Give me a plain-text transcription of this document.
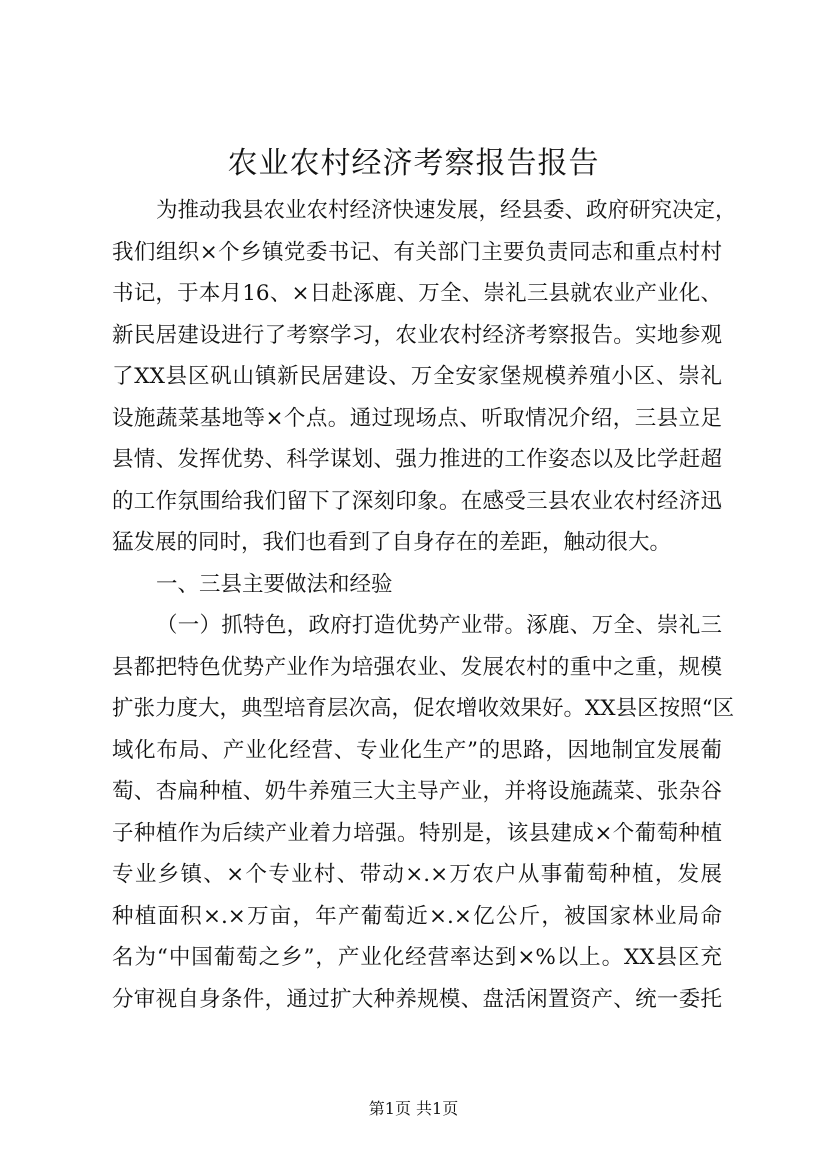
农业农村经济考察报告报告
为推动我县农业农村经济快速发展，经县委、政府研究决定，
我们组织×个乡镇党委书记、有关部门主要负责同志和重点村村
书记，于本月16、×日赴涿鹿、万全、崇礼三县就农业产业化、
新民居建设进行了考察学习，农业农村经济考察报告。实地参观
了XX县区矾山镇新民居建设、万全安家堡规模养殖小区、崇礼
设施蔬菜基地等×个点。通过现场点、听取情况介绍，三县立足
县情、发挥优势、科学谋划、强力推进的工作姿态以及比学赶超
的工作氛围给我们留下了深刻印象。在感受三县农业农村经济迅
猛发展的同时，我们也看到了自身存在的差距，触动很大。
一、三县主要做法和经验
（一）抓特色，政府打造优势产业带。涿鹿、万全、崇礼三
县都把特色优势产业作为培强农业、发展农村的重中之重，规模
扩张力度大，典型培育层次高，促农增收效果好。XX县区按照“区
域化布局、产业化经营、专业化生产”的思路，因地制宜发展葡
萄、杏扁种植、奶牛养殖三大主导产业，并将设施蔬菜、张杂谷
子种植作为后续产业着力培强。特别是，该县建成×个葡萄种植
专业乡镇、×个专业村、带动×.×万农户从事葡萄种植，发展
种植面积×.×万亩，年产葡萄近×.×亿公斤，被国家林业局命
名为“中国葡萄之乡”，产业化经营率达到×%以上。XX县区充
分审视自身条件，通过扩大种养规模、盘活闲置资产、统一委托
第1页 共1页
